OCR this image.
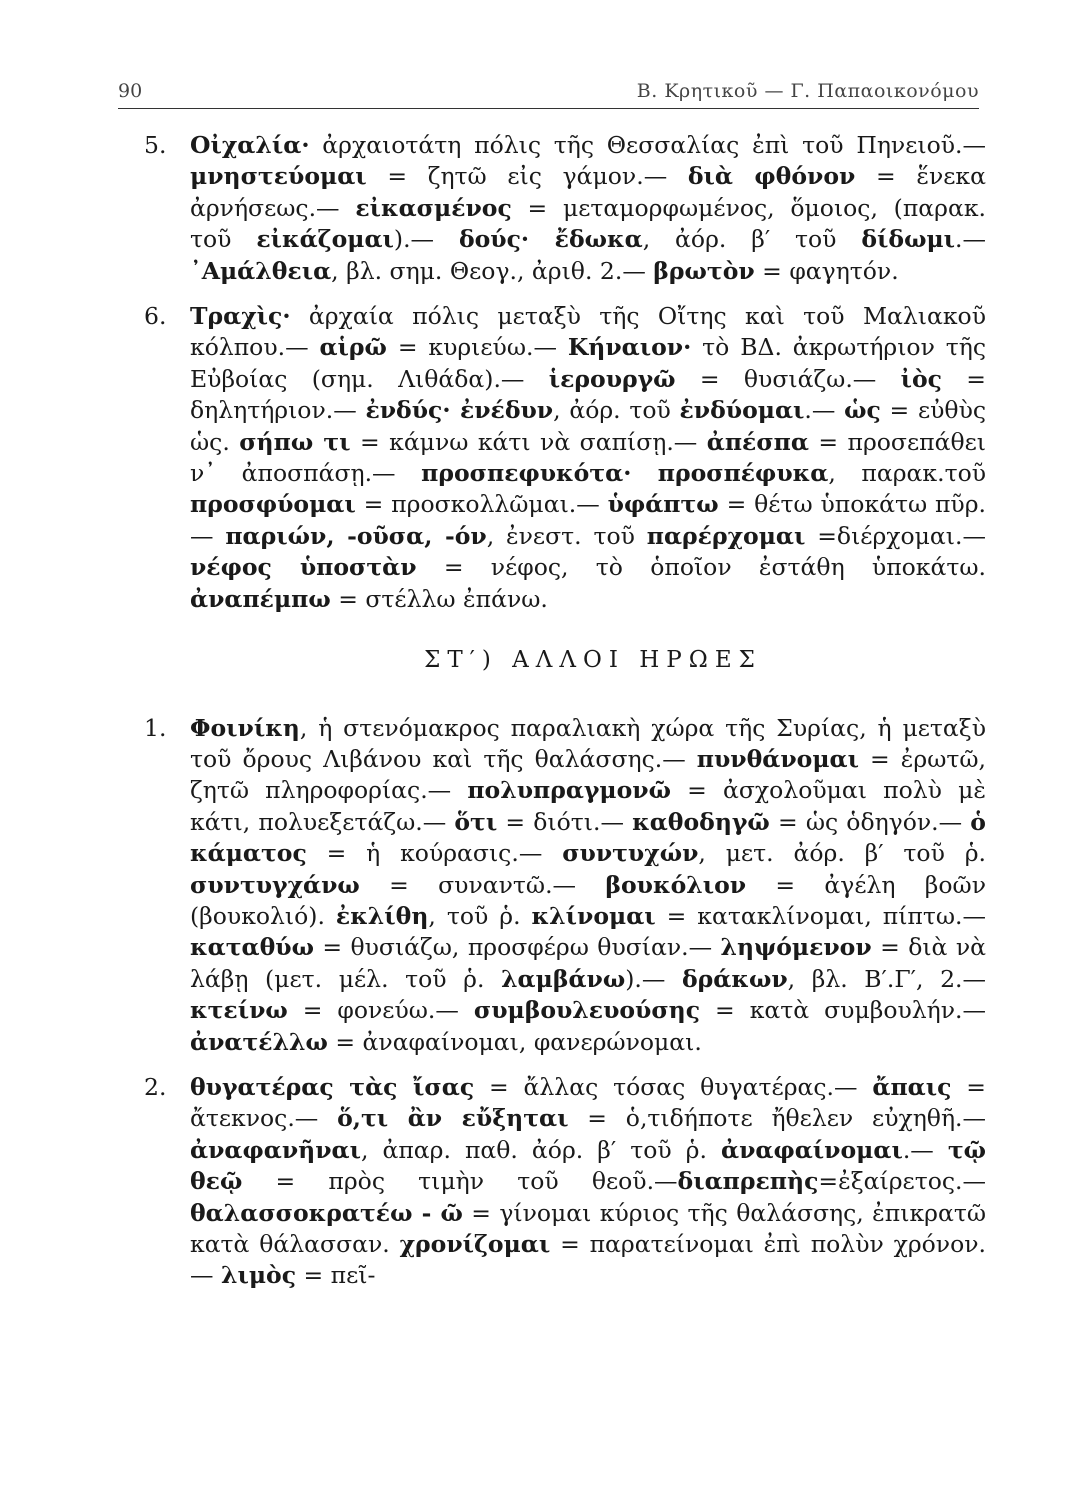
90	Β. Κρητικοῦ — Γ. Παπαοικονόμου
5. Οἰχαλία· ἀρχαιοτάτη πόλις τῆς Θεσσαλίας ἐπὶ τοῦ Πηνειοῦ.— μνηστεύομαι = ζητῶ εἰς γάμον.— διὰ φθόνον = ἕνεκα ἀρνήσεως.— εἰκασμένος = μεταμορφωμένος, ὅμοιος, (παρακ. τοῦ εἰκάζομαι).— δούς· ἔδωκα, ἀόρ. β′ τοῦ δίδωμι.— ᾿Αμάλθεια, βλ. σημ. Θεογ., ἀριθ. 2.— βρωτὸν = φαγητόν.
6. Τραχὶς· ἀρχαία πόλις μεταξὺ τῆς Οἴτης καὶ τοῦ Μαλιακοῦ κόλπου.— αἱρῶ = κυριεύω.— Κήναιον· τὸ ΒΔ. ἀκρωτήριον τῆς Εὐβοίας (σημ. Λιθάδα).— ἱερουργῶ = θυσιάζω.— ἰὸς = δηλητήριον.— ἐνδύς· ἐνέδυν, ἀόρ. τοῦ ἐνδύομαι.— ὡς = εὐθὺς ὡς. σήπω τι = κάμνω κάτι νὰ σαπίσῃ.— ἀπέσπα = προσεπάθει ν᾿ ἀποσπάσῃ.— προσπεφυκότα· προσπέφυκα, παρακ.τοῦ προσφύομαι = προσκολλῶμαι.— ὑφάπτω = θέτω ὑποκάτω πῦρ.— παριών, -οῦσα, -όν, ἐνεστ. τοῦ παρέρχομαι =διέρχομαι.— νέφος ὑποστὰν = νέφος, τὸ ὁποῖον ἐστάθη ὑποκάτω. ἀναπέμπω = στέλλω ἐπάνω.
ΣΤ′) ΑΛΛΟΙ ΗΡΩΕΣ
1. Φοινίκη, ἡ στενόμακρος παραλιακὴ χώρα τῆς Συρίας, ἡ μεταξὺ τοῦ ὄρους Λιβάνου καὶ τῆς θαλάσσης.— πυνθάνομαι = ἐρωτῶ, ζητῶ πληροφορίας.— πολυπραγμονῶ = ἀσχολοῦμαι πολὺ μὲ κάτι, πολυεξετάζω.— ὅτι = διότι.— καθοδηγῶ = ὡς ὁδηγόν.— ὁ κάματος = ἡ κούρασις.— συντυχών, μετ. ἀόρ. β′ τοῦ ῥ. συντυγχάνω = συναντῶ.— βουκόλιον = ἀγέλη βοῶν (βουκολιό). ἐκλίθη, τοῦ ῥ. κλίνομαι = κατακλίνομαι, πίπτω.— καταθύω = θυσιάζω, προσφέρω θυσίαν.— ληψόμενον = διὰ νὰ λάβῃ (μετ. μέλ. τοῦ ῥ. λαμβάνω).— δράκων, βλ. Β′.Γ′, 2.— κτείνω = φονεύω.— συμβουλευούσης = κατὰ συμβουλήν.— ἀνατέλλω = ἀναφαίνομαι, φανερώνομαι.
2. θυγατέρας τὰς ἴσας = ἄλλας τόσας θυγατέρας.— ἄπαις = ἄτεκνος.— ὅ,τι ἂν εὔξηται = ὁ,τιδήποτε ἤθελεν εὐχηθῆ.— ἀναφανῆναι, ἀπαρ. παθ. ἀόρ. β′ τοῦ ῥ. ἀναφαίνομαι.— τῷ θεῷ = πρὸς τιμὴν τοῦ θεοῦ.—διαπρεπὴς=ἐξαίρετος.—θαλασσοκρατέω - ῶ = γίνομαι κύριος τῆς θαλάσσης, ἐπικρατῶ κατὰ θάλασσαν. χρονίζομαι = παρατείνομαι ἐπὶ πολὺν χρόνον.— λιμὸς = πεῖ-
